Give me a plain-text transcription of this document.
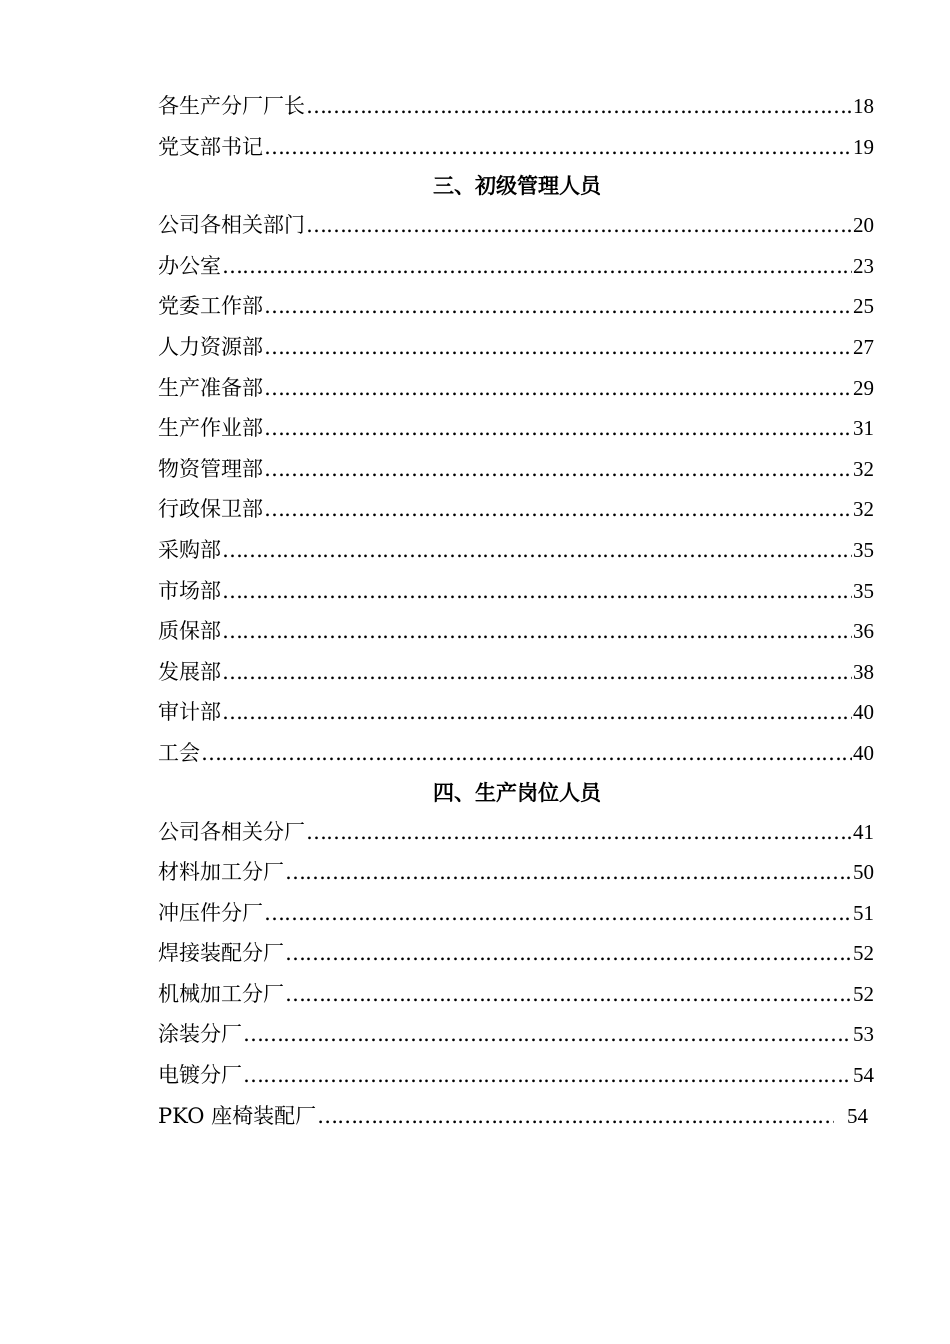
各生产分厂厂长 ………………………………………………………………………………………………………………………………………………………………	18
党支部书记 ………………………………………………………………………………………………………………………………………………………………	19
三、初级管理人员
公司各相关部门 ………………………………………………………………………………………………………………………………………………………………	20
办公室 ………………………………………………………………………………………………………………………………………………………………	23
党委工作部 ………………………………………………………………………………………………………………………………………………………………	25
人力资源部 ………………………………………………………………………………………………………………………………………………………………	27
生产准备部 ………………………………………………………………………………………………………………………………………………………………	29
生产作业部 ………………………………………………………………………………………………………………………………………………………………	31
物资管理部 ………………………………………………………………………………………………………………………………………………………………	32
行政保卫部 ………………………………………………………………………………………………………………………………………………………………	32
采购部 ………………………………………………………………………………………………………………………………………………………………	35
市场部 ………………………………………………………………………………………………………………………………………………………………	35
质保部 ………………………………………………………………………………………………………………………………………………………………	36
发展部 ………………………………………………………………………………………………………………………………………………………………	38
审计部 ………………………………………………………………………………………………………………………………………………………………	40
工会 ………………………………………………………………………………………………………………………………………………………………	40
四、生产岗位人员
公司各相关分厂 ………………………………………………………………………………………………………………………………………………………………	41
材料加工分厂 ………………………………………………………………………………………………………………………………………………………………	50
冲压件分厂 ………………………………………………………………………………………………………………………………………………………………	51
焊接装配分厂 ………………………………………………………………………………………………………………………………………………………………	52
机械加工分厂 ………………………………………………………………………………………………………………………………………………………………	52
涂装分厂 ………………………………………………………………………………………………………………………………………………………………	53
电镀分厂 ………………………………………………………………………………………………………………………………………………………………	54
PKO 座椅装配厂 ………………………………………………………………………………………………………………………………………………………………	54
